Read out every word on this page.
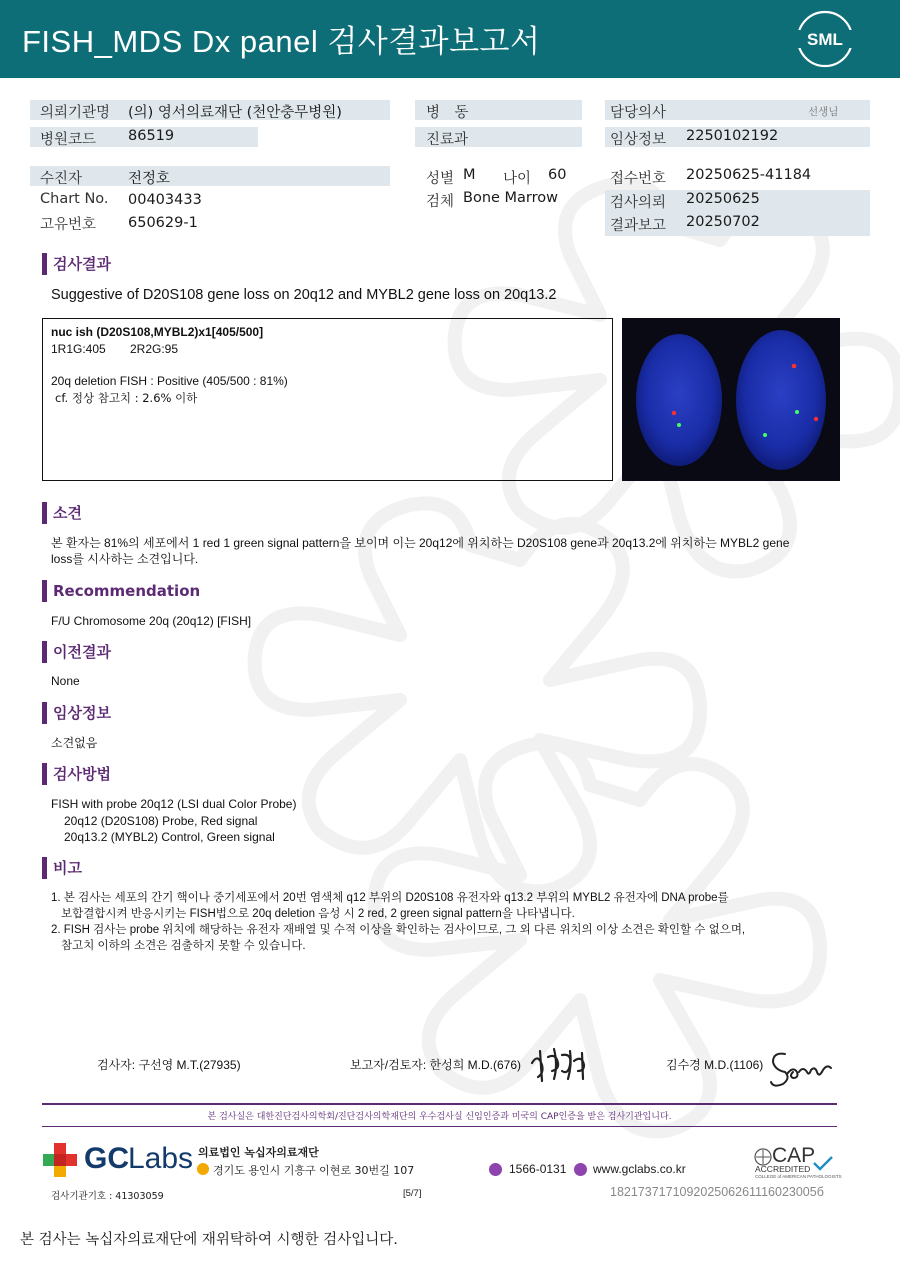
FISH_MDS Dx panel 검사결과보고서	SML
의뢰기관명 (의) 영서의료재단 (천안충무병원)
병원코드 86519
병　동
진료과
담당의사	선생님
임상정보 2250102192
수진자	전정호
Chart No. 00403433
고유번호 650629-1
성별 M 나이 60
검체 Bone Marrow
접수번호 20250625-41184
검사의뢰 20250625
결과보고 20250702
검사결과
Suggestive of D20S108 gene loss on 20q12 and MYBL2 gene loss on 20q13.2
nuc ish (D20S108,MYBL2)x1[405/500]
1R1G:405 2R2G:95
20q deletion FISH : Positive (405/500 : 81%)
cf. 정상 참고치 : 2.6% 이하
소견
본 환자는 81%의 세포에서 1 red 1 green signal pattern을 보이며 이는 20q12에 위치하는 D20S108 gene과 20q13.2에 위치하는 MYBL2 gene
loss를 시사하는 소견입니다.
Recommendation
F/U Chromosome 20q (20q12) [FISH]
이전결과
None
임상정보
소견없음
검사방법
FISH with probe 20q12 (LSI dual Color Probe)
20q12 (D20S108) Probe, Red signal
20q13.2 (MYBL2) Control, Green signal
비고
1. 본 검사는 세포의 간기 핵이나 중기세포에서 20번 염색체 q12 부위의 D20S108 유전자와 q13.2 부위의 MYBL2 유전자에 DNA probe를
보합결합시켜 반응시키는 FISH법으로 20q deletion 음성 시 2 red, 2 green signal pattern을 나타냅니다.
2. FISH 검사는 probe 위치에 해당하는 유전자 재배열 및 수적 이상을 확인하는 검사이므로, 그 외 다른 위치의 이상 소견은 확인할 수 없으며,
참고치 이하의 소견은 검출하지 못할 수 있습니다.
검사자: 구선영 M.T.(27935)	보고자/검토자: 한성희 M.D.(676)	김수경 M.D.(1106)
본 검사실은 대한진단검사의학회/진단검사의학재단의 우수검사실 신임인증과 미국의 CAP인증을 받은 검사기관입니다.
GC Labs 의료법인 녹십자의료재단
경기도 용인시 기흥구 이현로 30번길 107	1566-0131 www.gclabs.co.kr
CAP
ACCREDITED
COLLEGE of AMERICAN PATHOLOGISTS
검사기관기호 : 41303059	[5/7]	182173717109202506261116023005б
본 검사는 녹십자의료재단에 재위탁하여 시행한 검사입니다.
